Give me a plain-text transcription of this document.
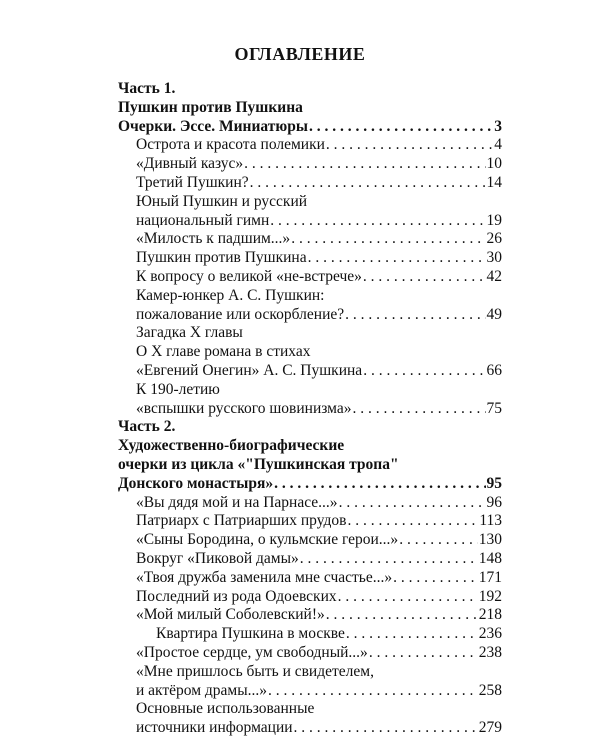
ОГЛАВЛЕНИЕ
Часть 1.
Пушкин против Пушкина
Очерки. Эссе. Миниатюры . . .	3
Острота и красота полемики . . .	4
«Дивный казус» . . .	10
Третий Пушкин? . . .	14
Юный Пушкин и русский
национальный гимн . . .	19
«Милость к падшим...» . . .	26
Пушкин против Пушкина . . .	30
К вопросу о великой «не-встрече» . . .	42
Камер-юнкер А. С. Пушкин:
пожалование или оскорбление? . . .	49
Загадка X главы
О X главе романа в стихах
«Евгений Онегин» А. С. Пушкина . . .	66
К 190-летию
«вспышки русского шовинизма» . . .	75
Часть 2.
Художественно-биографические
очерки из цикла «"Пушкинская тропа"
Донского монастыря» . . .	95
«Вы дядя мой и на Парнасе...» . . .	96
Патриарх с Патриарших прудов . . .	113
«Сыны Бородина, о кульмские герои...» . . .	130
Вокруг «Пиковой дамы» . . .	148
«Твоя дружба заменила мне счастье...» . . .	171
Последний из рода Одоевских . . .	192
«Мой милый Соболевский!» . . .	218
Квартира Пушкина в москве . . .	236
«Простое сердце, ум свободный...» . . .	238
«Мне пришлось быть и свидетелем,
и актёром драмы...» . . .	258
Основные использованные
источники информации . . .	279
